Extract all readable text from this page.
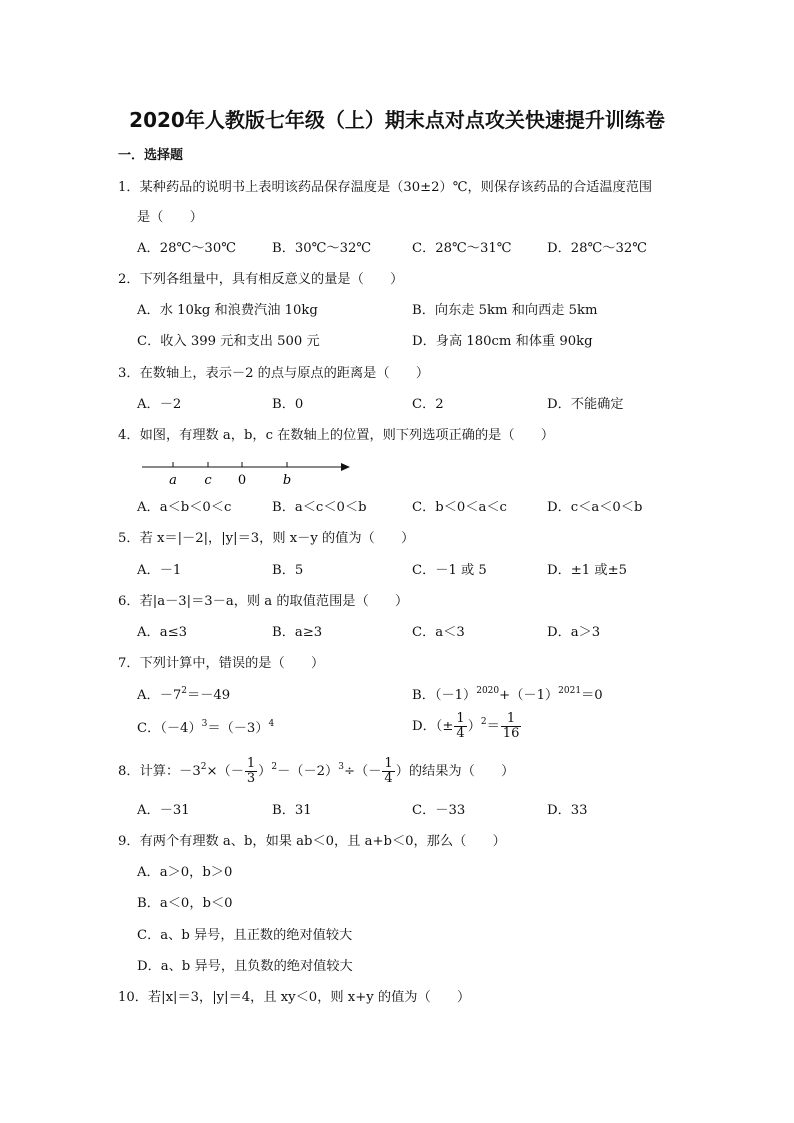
2020年人教版七年级（上）期末点对点攻关快速提升训练卷
一．选择题
1．某种药品的说明书上表明该药品保存温度是（30±2）℃，则保存该药品的合适温度范围
是（　　）
A．28℃～30℃	B．30℃～32℃	C．28℃～31℃	D．28℃～32℃
2．下列各组量中，具有相反意义的量是（　　）
A．水 10kg 和浪费汽油 10kg	B．向东走 5km 和向西走 5km
C．收入 399 元和支出 500 元	D．身高 180cm 和体重 90kg
3．在数轴上，表示－2 的点与原点的距离是（　　）
A．－2	B．0	C．2	D．不能确定
4．如图，有理数 a，b，c 在数轴上的位置，则下列选项正确的是（　　）
a c 0	b
A．a＜b＜0＜c	B．a＜c＜0＜b	C．b＜0＜a＜c	D．c＜a＜0＜b
5．若 x＝|－2|，|y|＝3，则 x－y 的值为（　　）
A．－1	B．5	C．－1 或 5	D．±1 或±5
6．若|a－3|＝3－a，则 a 的取值范围是（　　）
A．a≤3	B．a≥3	C．a＜3	D．a＞3
7．下列计算中，错误的是（　　）
A．$-7^2=-49$	B．$(-1)^{2020}+(-1)^{2021}=0$
C．$(-4)^3=(-3)^4$	D．（± $\frac{1}{4} )^2= \frac{1}{16}$
8．计算：$-3^2\times(- \frac{1}{3} )^2-(-2)^3\div(- \frac{1}{4}$ ）的结果为（　　）
A．－31	B．31	C．－33	D．33
9．有两个有理数 a、b，如果 ab＜0，且 a+b＜0，那么（　　）
A．a＞0，b＞0
B．a＜0，b＜0
C．a、b 异号，且正数的绝对值较大
D．a、b 异号，且负数的绝对值较大
10．若|x|＝3，|y|＝4，且 xy＜0，则 x+y 的值为（　　）
